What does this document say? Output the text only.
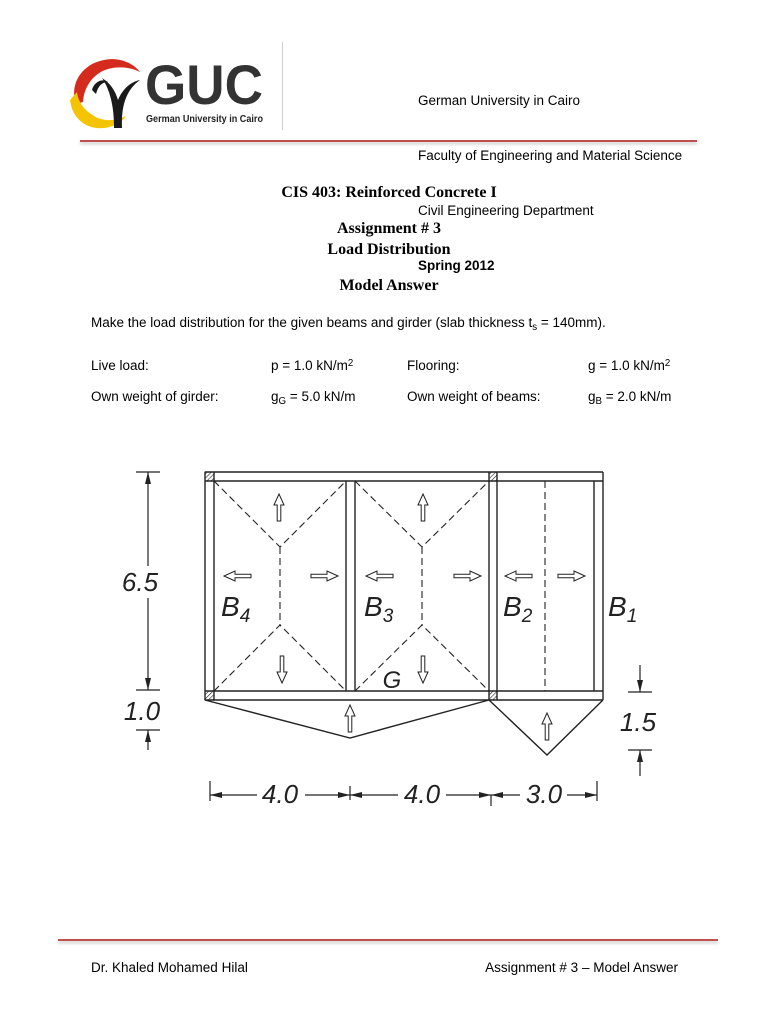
GUC
German University in Cairo

German University in Cairo

Faculty of Engineering and Material Science

Civil Engineering Department

Spring 2012

CIS 403: Reinforced Concrete I
Assignment # 3
Load Distribution
Model Answer
Make the load distribution for the given beams and girder (slab thickness $t_s = 140mm$).
Live load:	p = 1.0 $kN/m^2$	Flooring:	g = 1.0 $kN/m^2$
Own weight of girder:	$g_G = 5.0$ kN/m	Own weight of beams:	$g_B = 2.0$ kN/m
$B_4$	$B_3$	$B_2$	$B_1$
G
6.5
1.0	1.5
4.0	4.0	3.0
Dr. Khaled Mohamed Hilal	Assignment # 3 – Model Answer
